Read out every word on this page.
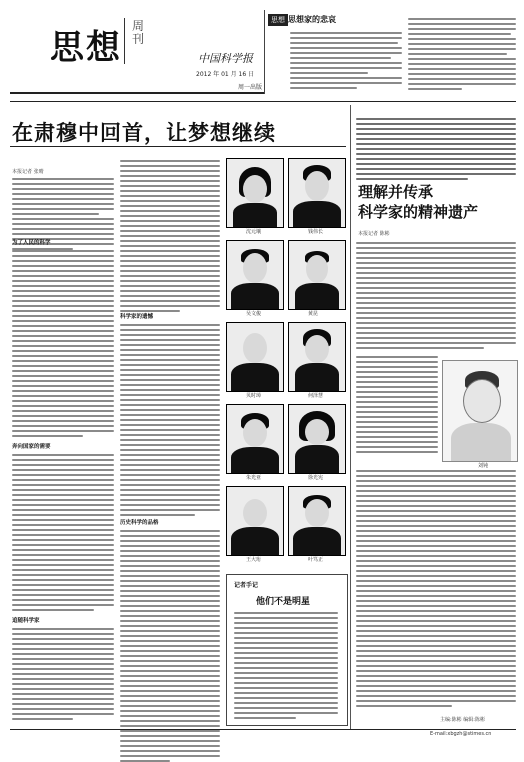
思想
周刊
中国科学报
2012 年 01 月 16 日
周一出版
思想 思想家的悲哀
在肃穆中回首，让梦想继续
本报记者 张晴
为了人民的科学
奔向国家的需要
追随科学家
科学家的遗憾
历史科学的品格
沈元壤	钱伟长
吴文俊	黄昆
贝时璋	何泽慧
朱光亚	徐光宪
王大珩	叶笃正
记者手记
他们不是明星
理解并传承
科学家的精神遗产
本报记者 陈彬
刘钝
主编:陈彬 编辑:陈彬
E-mail:xbgzh@stimes.cn
